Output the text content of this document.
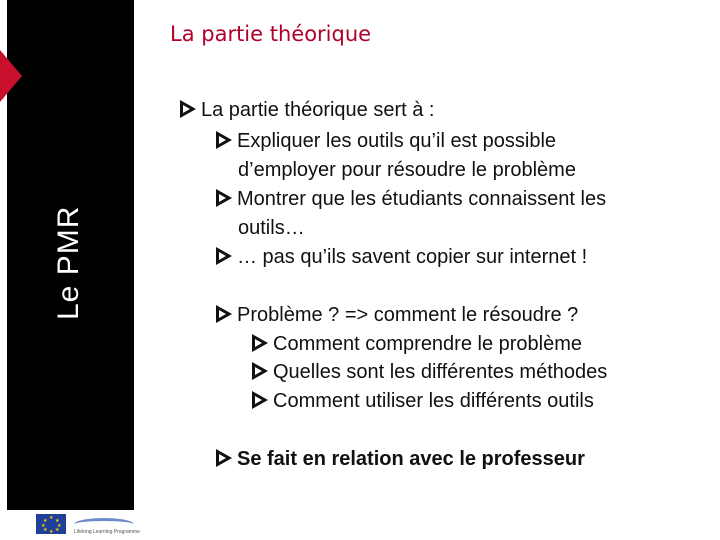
Le PMR
La partie théorique
La partie théorique sert à :
Expliquer les outils qu’il est possible
d’employer pour résoudre le problème
Montrer que les étudiants connaissent les
outils…
… pas qu’ils savent copier sur internet !
Problème ? => comment le résoudre ?
Comment comprendre le problème
Quelles sont les différentes méthodes
Comment utiliser les différents outils
Se fait en relation avec le professeur
★
★ ★
★ ★
★ ★
★	Lifelong Learning Programme
